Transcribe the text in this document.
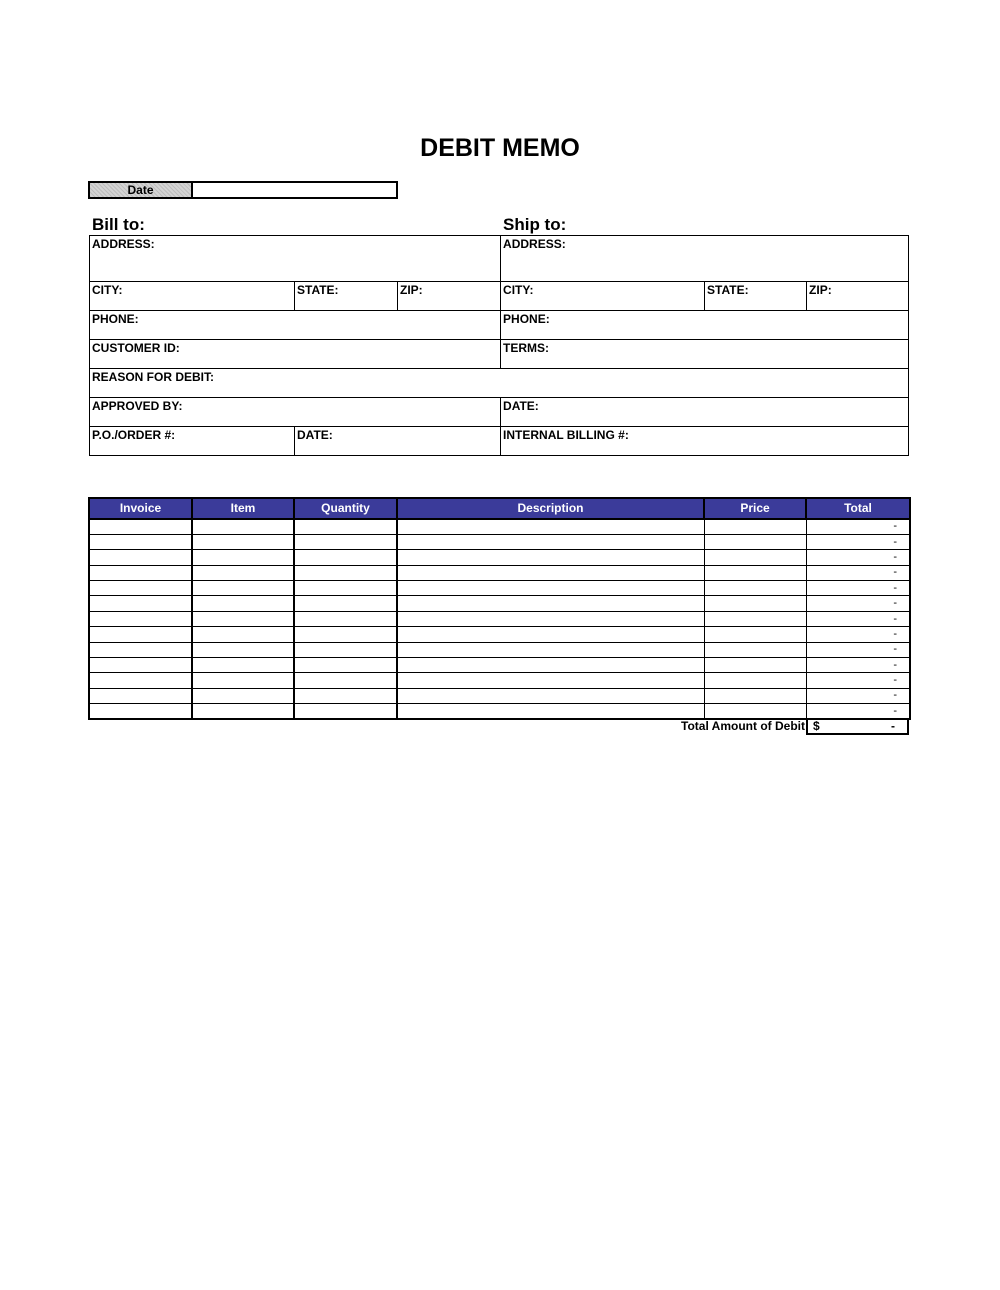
DEBIT MEMO
Date
Bill to:	Ship to:
ADDRESS:			ADDRESS:		
CITY:	STATE:	ZIP:	CITY:	STATE:	ZIP:
PHONE:			PHONE:		
CUSTOMER ID:			TERMS:		
REASON FOR DEBIT:					
APPROVED BY:			DATE:		
P.O./ORDER #:	DATE:		INTERNAL BILLING #:		
Invoice	Item	Quantity	Description	Price	Total
					-
					-
					-
					-
					-
					-
					-
					-
					-
					-
					-
					-
					-
Total Amount of Debit $	-
